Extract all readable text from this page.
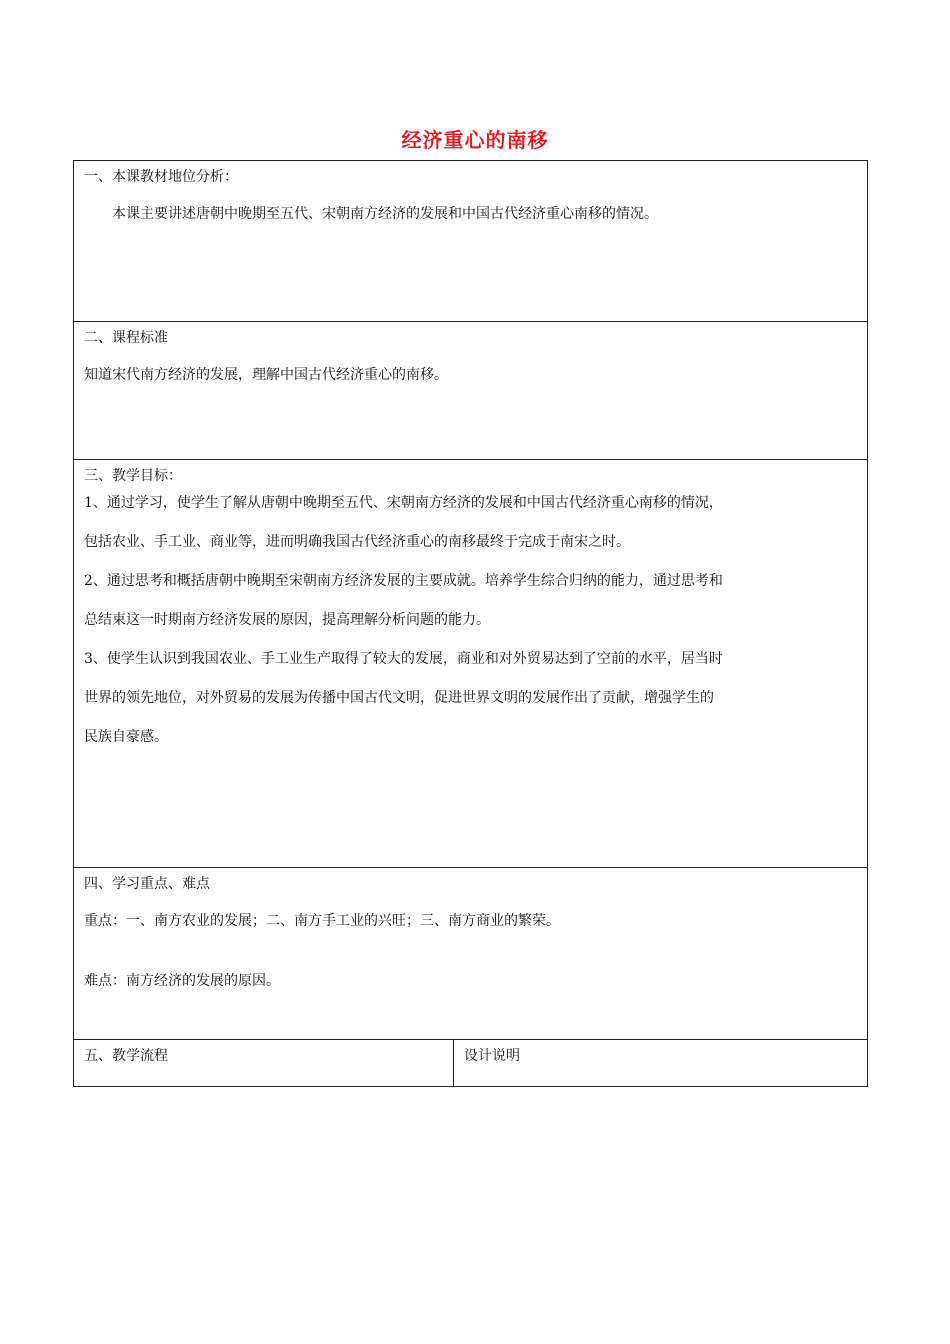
经济重心的南移

一、本课教材地位分析：

本课主要讲述唐朝中晚期至五代、宋朝南方经济的发展和中国古代经济重心南移的情况。

二、课程标准

知道宋代南方经济的发展，理解中国古代经济重心的南移。

三、教学目标：

1、通过学习，使学生了解从唐朝中晚期至五代、宋朝南方经济的发展和中国古代经济重心南移的情况，

包括农业、手工业、商业等，进而明确我国古代经济重心的南移最终于完成于南宋之时。

2、通过思考和概括唐朝中晚期至宋朝南方经济发展的主要成就。培养学生综合归纳的能力，通过思考和

总结束这一时期南方经济发展的原因，提高理解分析问题的能力。

3、使学生认识到我国农业、手工业生产取得了较大的发展，商业和对外贸易达到了空前的水平，居当时

世界的领先地位，对外贸易的发展为传播中国古代文明，促进世界文明的发展作出了贡献，增强学生的

民族自豪感。

四、学习重点、难点

重点：一、南方农业的发展；二、南方手工业的兴旺；三、南方商业的繁荣。

难点：南方经济的发展的原因。

五、教学流程	设计说明
